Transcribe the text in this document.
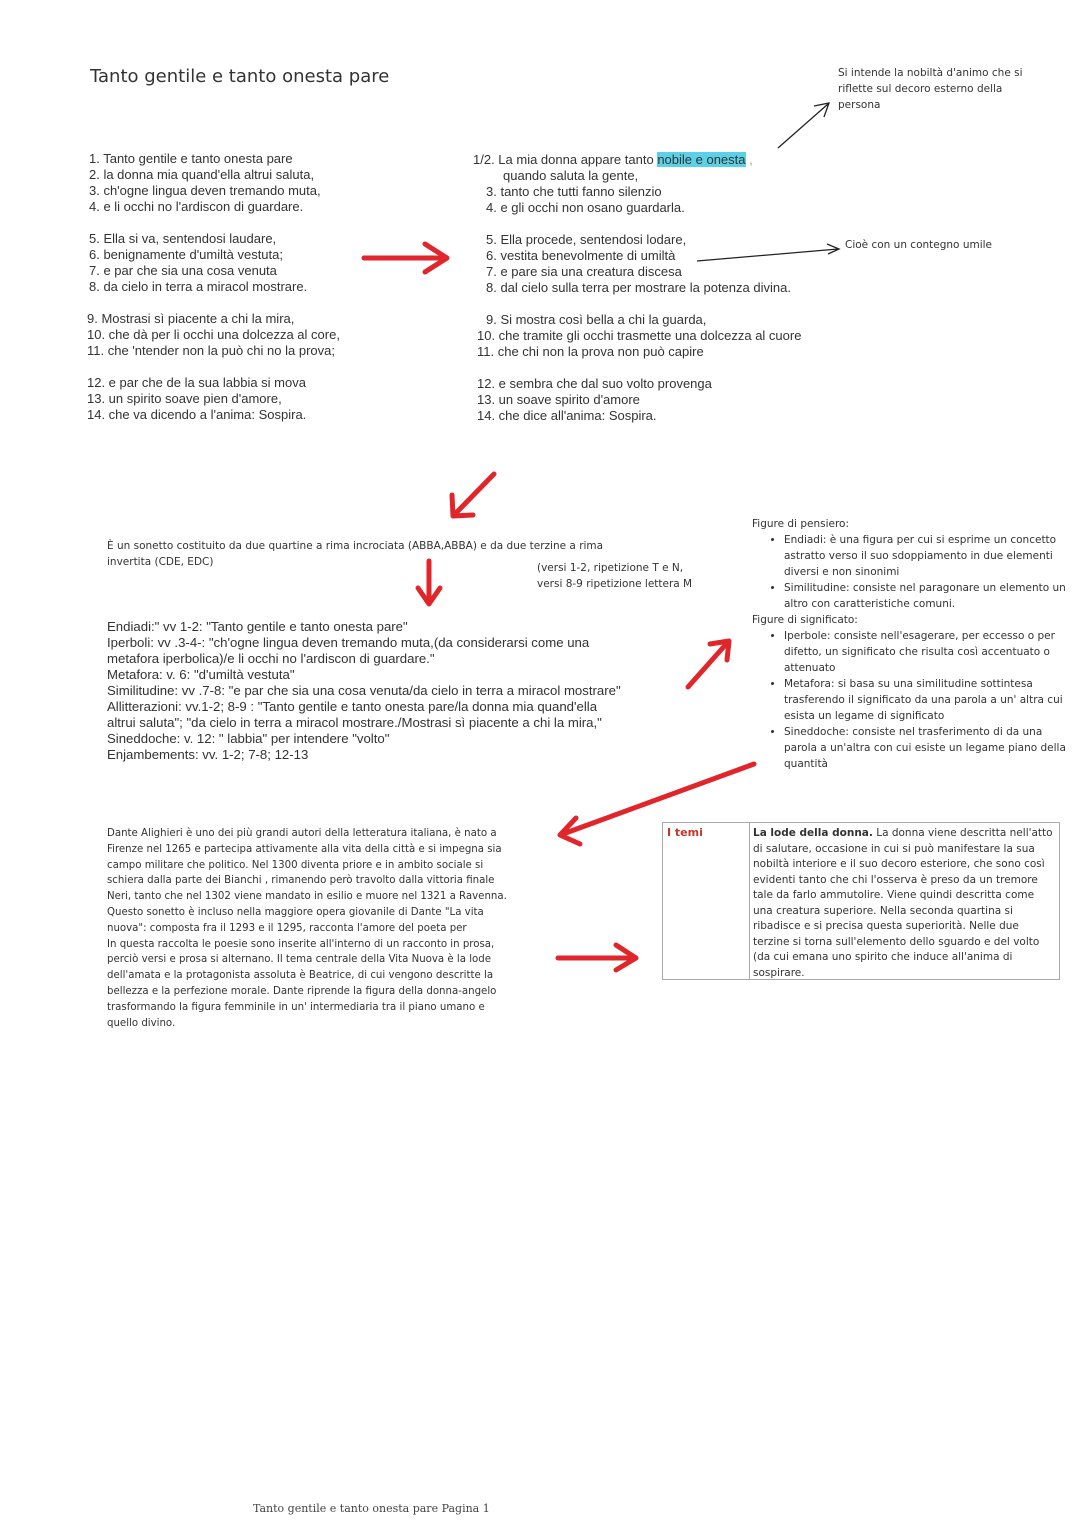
Tanto gentile e tanto onesta pare	Si intende la nobiltà d'animo che si
riflette sul decoro esterno della
persona
Cioè con un contegno umile
1. Tanto gentile e tanto onesta pare
2. la donna mia quand'ella altrui saluta,
3. ch'ogne lingua deven tremando muta,
4. e li occhi no l'ardiscon di guardare.
5. Ella si va, sentendosi laudare,
6. benignamente d'umiltà vestuta;
7. e par che sia una cosa venuta
8. da cielo in terra a miracol mostrare.
9. Mostrasi sì piacente a chi la mira,
10. che dà per li occhi una dolcezza al core,
11. che 'ntender non la può chi no la prova;
12. e par che de la sua labbia si mova
13. un spirito soave pien d'amore,
14. che va dicendo a l'anima: Sospira.
1/2. La mia donna appare tanto nobile e onesta ,
quando saluta la gente,
3. tanto che tutti fanno silenzio
4. e gli occhi non osano guardarla.
5. Ella procede, sentendosi lodare,
6. vestita benevolmente di umiltà
7. e pare sia una creatura discesa
8. dal cielo sulla terra per mostrare la potenza divina.
9. Si mostra così bella a chi la guarda,
10. che tramite gli occhi trasmette una dolcezza al cuore
11. che chi non la prova non può capire
12. e sembra che dal suo volto provenga
13. un soave spirito d'amore
14. che dice all'anima: Sospira.
È un sonetto costituito da due quartine a rima incrociata (ABBA,ABBA) e da due terzine a rima
invertita (CDE, EDC)	(versi 1-2, ripetizione T e N,
versi 8-9 ripetizione lettera M
Endiadi:" vv 1-2: "Tanto gentile e tanto onesta pare"
Iperboli: vv .3-4-: "ch'ogne lingua deven tremando muta,(da considerarsi come una
metafora iperbolica)/e li occhi no l'ardiscon di guardare."
Metafora: v. 6: "d'umiltà vestuta"
Similitudine: vv .7-8: "e par che sia una cosa venuta/da cielo in terra a miracol mostrare"
Allitterazioni: vv.1-2; 8-9 : "Tanto gentile e tanto onesta pare/la donna mia quand'ella
altrui saluta"; "da cielo in terra a miracol mostrare./Mostrasi sì piacente a chi la mira,"
Sineddoche: v. 12: " labbia" per intendere "volto"
Enjambements: vv. 1-2; 7-8; 12-13
Figure di pensiero:
• Endiadi: è una figura per cui si esprime un concetto astratto verso il suo sdoppiamento in due elementi diversi e non sinonimi
• Similitudine: consiste nel paragonare un elemento un altro con caratteristiche comuni.
Figure di significato:
• Iperbole: consiste nell'esagerare, per eccesso o per difetto, un significato che risulta così accentuato o attenuato
• Metafora: si basa su una similitudine sottintesa trasferendo il significato da una parola a un' altra cui esista un legame di significato
• Sineddoche: consiste nel trasferimento di da una parola a un'altra con cui esiste un legame piano della quantità
Dante Alighieri è uno dei più grandi autori della letteratura italiana, è nato a
Firenze nel 1265 e partecipa attivamente alla vita della città e si impegna sia
campo militare che politico. Nel 1300 diventa priore e in ambito sociale si
schiera dalla parte dei Bianchi , rimanendo però travolto dalla vittoria finale
Neri, tanto che nel 1302 viene mandato in esilio e muore nel 1321 a Ravenna.
Questo sonetto è incluso nella maggiore opera giovanile di Dante "La vita
nuova": composta fra il 1293 e il 1295, racconta l'amore del poeta per
In questa raccolta le poesie sono inserite all'interno di un racconto in prosa,
perciò versi e prosa si alternano. Il tema centrale della Vita Nuova è la lode
dell'amata e la protagonista assoluta è Beatrice, di cui vengono descritte la
bellezza e la perfezione morale. Dante riprende la figura della donna-angelo
trasformando la figura femminile in un' intermediaria tra il piano umano e
quello divino.
I temi	La lode della donna. La donna viene descritta nell'atto di salutare, occasione in cui si può manifestare la sua nobiltà interiore e il suo decoro esteriore, che sono così evidenti tanto che chi l'osserva è preso da un tremore tale da farlo ammutolire. Viene quindi descritta come una creatura superiore. Nella seconda quartina si ribadisce e si precisa questa superiorità. Nelle due terzine si torna sull'elemento dello sguardo e del volto (da cui emana uno spirito che induce all'anima di sospirare.
Tanto gentile e tanto onesta pare Pagina 1
